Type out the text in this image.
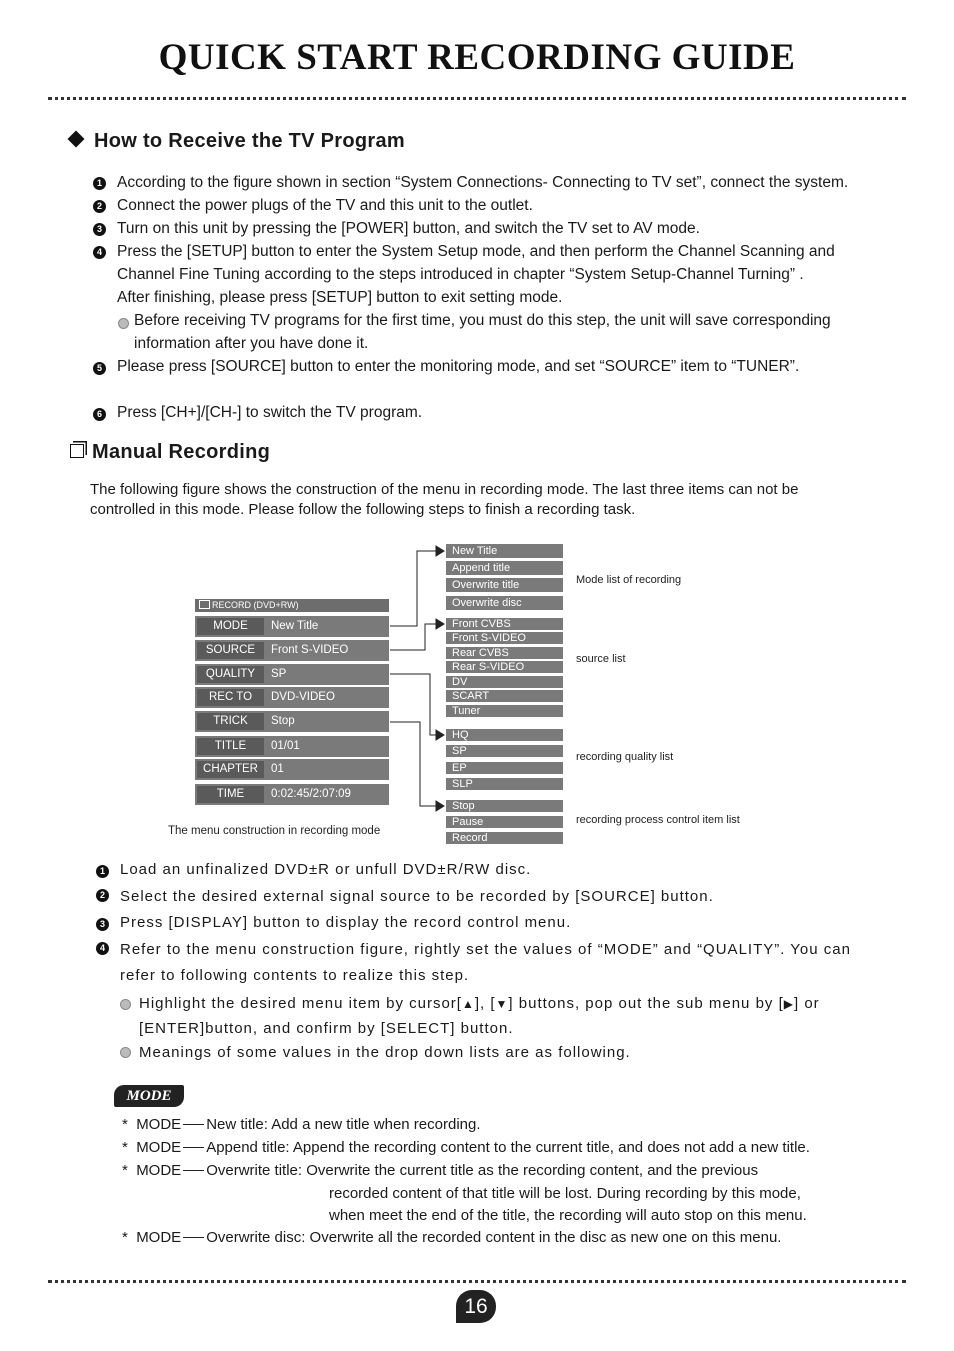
QUICK START RECORDING GUIDE
How to Receive the TV Program
1 According to the figure shown in section “System Connections- Connecting to TV set”, connect the system.
2 Connect the power plugs of the TV and this unit to the outlet.
3 Turn on this unit by pressing the [POWER] button, and switch the TV set to AV mode.
4 Press the [SETUP] button to enter the System Setup mode, and then perform the Channel Scanning and
Channel Fine Tuning according to the steps introduced in chapter “System Setup-Channel Turning” .
After finishing, please press [SETUP] button to exit setting mode.
Before receiving TV programs for the first time, you must do this step, the unit will save corresponding
information after you have done it.
5 Please press [SOURCE] button to enter the monitoring mode, and set “SOURCE” item to “TUNER”.
6 Press [CH+]/[CH-] to switch the TV program.
Manual Recording
The following figure shows the construction of the menu in recording mode. The last three items can not be
controlled in this mode. Please follow the following steps to finish a recording task.
RECORD (DVD+RW)
MODE	New Title
SOURCE	Front S-VIDEO
QUALITY	SP
REC TO	DVD-VIDEO
TRICK	Stop
TITLE	01/01
CHAPTER	01
TIME	0:02:45/2:07:09
The menu construction in recording mode
New Title
Append title
Overwrite title
Overwrite disc
Mode list of recording
Front CVBS
Front S-VIDEO
Rear CVBS
Rear S-VIDEO
DV
SCART
Tuner
source list
HQ
SP
EP
SLP
recording quality list
Stop
Pause
Record
recording process control item list
1 Load an unfinalized DVD±R or unfull DVD±R/RW disc.
2 Select the desired external signal source to be recorded by [SOURCE] button.
3 Press [DISPLAY] button to display the record control menu.
4 Refer to the menu construction figure, rightly set the values of “MODE” and “QUALITY”. You can
refer to following contents to realize this step.
Highlight the desired menu item by cursor[▲], [▼] buttons, pop out the sub menu by [▶] or
[ENTER]button, and confirm by [SELECT] button.
Meanings of some values in the drop down lists are as following.
MODE
*  MODE New title: Add a new title when recording.
*  MODE Append title: Append the recording content to the current title, and does not add a new title.
*  MODE Overwrite title: Overwrite the current title as the recording content, and the previous
recorded content of that title will be lost. During recording by this mode,
when meet the end of the title, the recording will auto stop on this menu.
*  MODE Overwrite disc: Overwrite all the recorded content in the disc as new one on this menu.
16
